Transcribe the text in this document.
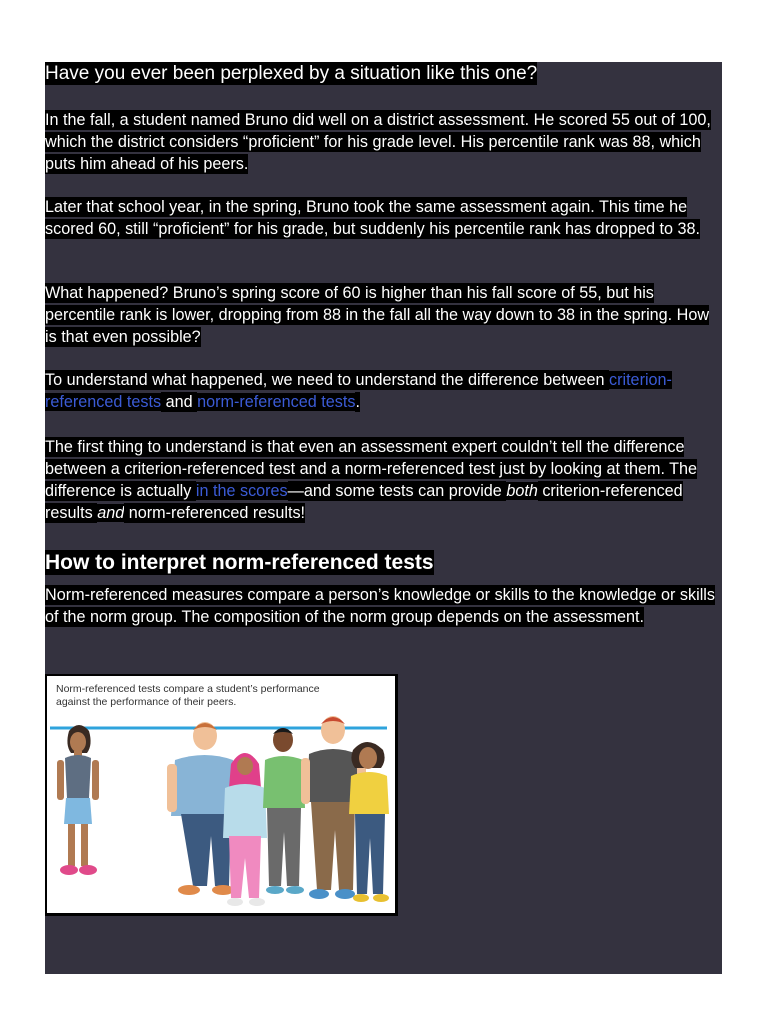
Have you ever been perplexed by a situation like this one?

In the fall, a student named Bruno did well on a district assessment. He scored 55 out of 100, which the district considers “proficient” for his grade level. His percentile rank was 88, which puts him ahead of his peers.

Later that school year, in the spring, Bruno took the same assessment again. This time he scored 60, still “proficient” for his grade, but suddenly his percentile rank has dropped to 38.

What happened? Bruno’s spring score of 60 is higher than his fall score of 55, but his percentile rank is lower, dropping from 88 in the fall all the way down to 38 in the spring. How is that even possible?

To understand what happened, we need to understand the difference between criterion-referenced tests and norm-referenced tests.

The first thing to understand is that even an assessment expert couldn’t tell the difference between a criterion-referenced test and a norm-referenced test just by looking at them. The difference is actually in the scores—and some tests can provide both criterion-referenced results and norm-referenced results!

How to interpret norm-referenced tests

Norm-referenced measures compare a person’s knowledge or skills to the knowledge or skills of the norm group. The composition of the norm group depends on the assessment.

Norm-referenced tests compare a student’s performance against the performance of their peers.
